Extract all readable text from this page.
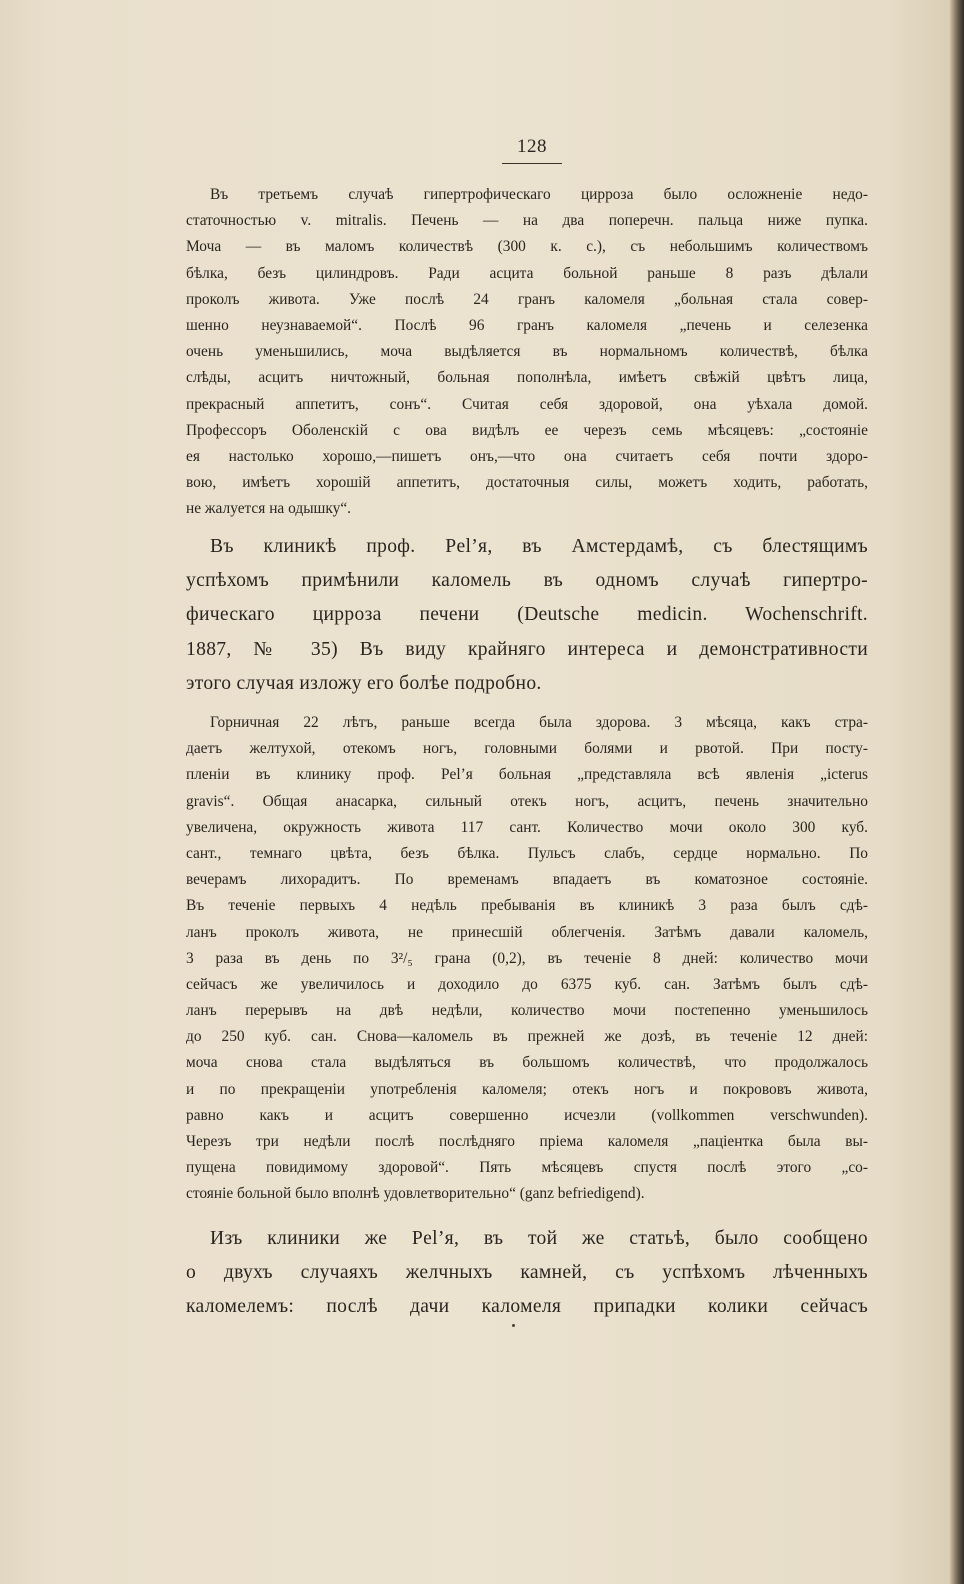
128
Въ третьемъ случаѣ гипертрофическаго цирроза было осложненіе недо-
статочностью v. mitralis. Печень — на два поперечн. пальца ниже пупка.
Моча — въ маломъ количествѣ (300 к. с.), съ небольшимъ количествомъ
бѣлка, безъ цилиндровъ. Ради асцита больной раньше 8 разъ дѣлали
проколъ живота. Уже послѣ 24 гранъ каломеля „больная стала совер-
шенно неузнаваемой“. Послѣ 96 гранъ каломеля „печень и селезенка
очень уменьшились, моча выдѣляется въ нормальномъ количествѣ, бѣлка
слѣды, асцитъ ничтожный, больная пополнѣла, имѣетъ свѣжій цвѣтъ лица,
прекрасный аппетитъ, сонъ“. Считая себя здоровой, она уѣхала домой.
Профессоръ Оболенскій с ова видѣлъ ее черезъ семь мѣсяцевъ: „состояніе
ея настолько хорошо,—пишетъ онъ,—что она считаетъ себя почти здоро-
вою, имѣетъ хорошій аппетитъ, достаточныя силы, можетъ ходить, работать,
не жалуется на одышку“.
Въ клиникѣ проф. Pel’я, въ Амстердамѣ, съ блестящимъ
успѣхомъ примѣнили каломель въ одномъ случаѣ гипертро-
фическаго цирроза печени (Deutsche medicin. Wochenschrift.
1887, № 35) Въ виду крайняго интереса и демонстративности
этого случая изложу его болѣе подробно.
Горничная 22 лѣтъ, раньше всегда была здорова. 3 мѣсяца, какъ стра-
даетъ желтухой, отекомъ ногъ, головными болями и рвотой. При посту-
пленіи въ клинику проф. Pel’я больная „представляла всѣ явленія „icterus
gravis“. Общая анасарка, сильный отекъ ногъ, асцитъ, печень значительно
увеличена, окружность живота 117 сант. Количество мочи около 300 куб.
сант., темнаго цвѣта, безъ бѣлка. Пульсъ слабъ, сердце нормально. По
вечерамъ лихорадитъ. По временамъ впадаетъ въ коматозное состояніе.
Въ теченіе первыхъ 4 недѣль пребыванія въ клиникѣ 3 раза былъ сдѣ-
ланъ проколъ живота, не принесшій облегченія. Затѣмъ давали каломель,
3 раза въ день по 3²/₅ грана (0,2), въ теченіе 8 дней: количество мочи
сейчасъ же увеличилось и доходило до 6375 куб. сан. Затѣмъ былъ сдѣ-
ланъ перерывъ на двѣ недѣли, количество мочи постепенно уменьшилось
до 250 куб. сан. Снова—каломель въ прежней же дозѣ, въ теченіе 12 дней:
моча снова стала выдѣляться въ большомъ количествѣ, что продолжалось
и по прекращеніи употребленія каломеля; отекъ ногъ и покрововъ живота,
равно какъ и асцитъ совершенно исчезли (vollkommen verschwunden).
Черезъ три недѣли послѣ послѣдняго пріема каломеля „паціентка была вы-
пущена повидимому здоровой“. Пять мѣсяцевъ спустя послѣ этого „со-
стояніе больной было вполнѣ удовлетворительно“ (ganz befriedigend).
Изъ клиники же Pel’я, въ той же статьѣ, было сообщено
о двухъ случаяхъ желчныхъ камней, съ успѣхомъ лѣченныхъ
каломелемъ: послѣ дачи каломеля припадки колики сейчасъ
